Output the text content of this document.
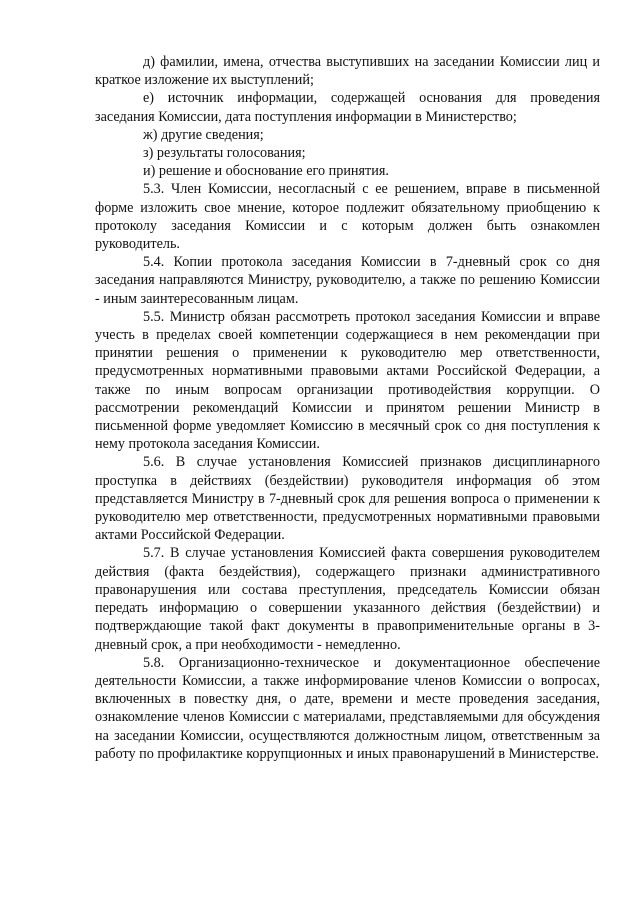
д) фамилии, имена, отчества выступивших на заседании Комиссии лиц и краткое изложение их выступлений;

е) источник информации, содержащей основания для проведения заседания Комиссии, дата поступления информации в Министерство;

ж) другие сведения;

з) результаты голосования;

и) решение и обоснование его принятия.

5.3. Член Комиссии, несогласный с ее решением, вправе в письменной форме изложить свое мнение, которое подлежит обязательному приобщению к протоколу заседания Комиссии и с которым должен быть ознакомлен руководитель.

5.4. Копии протокола заседания Комиссии в 7-дневный срок со дня заседания направляются Министру, руководителю, а также по решению Комиссии - иным заинтересованным лицам.

5.5. Министр обязан рассмотреть протокол заседания Комиссии и вправе учесть в пределах своей компетенции содержащиеся в нем рекомендации при принятии решения о применении к руководителю мер ответственности, предусмотренных нормативными правовыми актами Российской Федерации, а также по иным вопросам организации противодействия коррупции. О рассмотрении рекомендаций Комиссии и принятом решении Министр в письменной форме уведомляет Комиссию в месячный срок со дня поступления к нему протокола заседания Комиссии.

5.6. В случае установления Комиссией признаков дисциплинарного проступка в действиях (бездействии) руководителя информация об этом представляется Министру в 7-дневный срок для решения вопроса о применении к руководителю мер ответственности, предусмотренных нормативными правовыми актами Российской Федерации.

5.7. В случае установления Комиссией факта совершения руководителем действия (факта бездействия), содержащего признаки административного правонарушения или состава преступления, председатель Комиссии обязан передать информацию о совершении указанного действия (бездействии) и подтверждающие такой факт документы в правоприменительные органы в 3-дневный срок, а при необходимости - немедленно.

5.8. Организационно-техническое и документационное обеспечение деятельности Комиссии, а также информирование членов Комиссии о вопросах, включенных в повестку дня, о дате, времени и месте проведения заседания, ознакомление членов Комиссии с материалами, представляемыми для обсуждения на заседании Комиссии, осуществляются должностным лицом, ответственным за работу по профилактике коррупционных и иных правонарушений в Министерстве.
